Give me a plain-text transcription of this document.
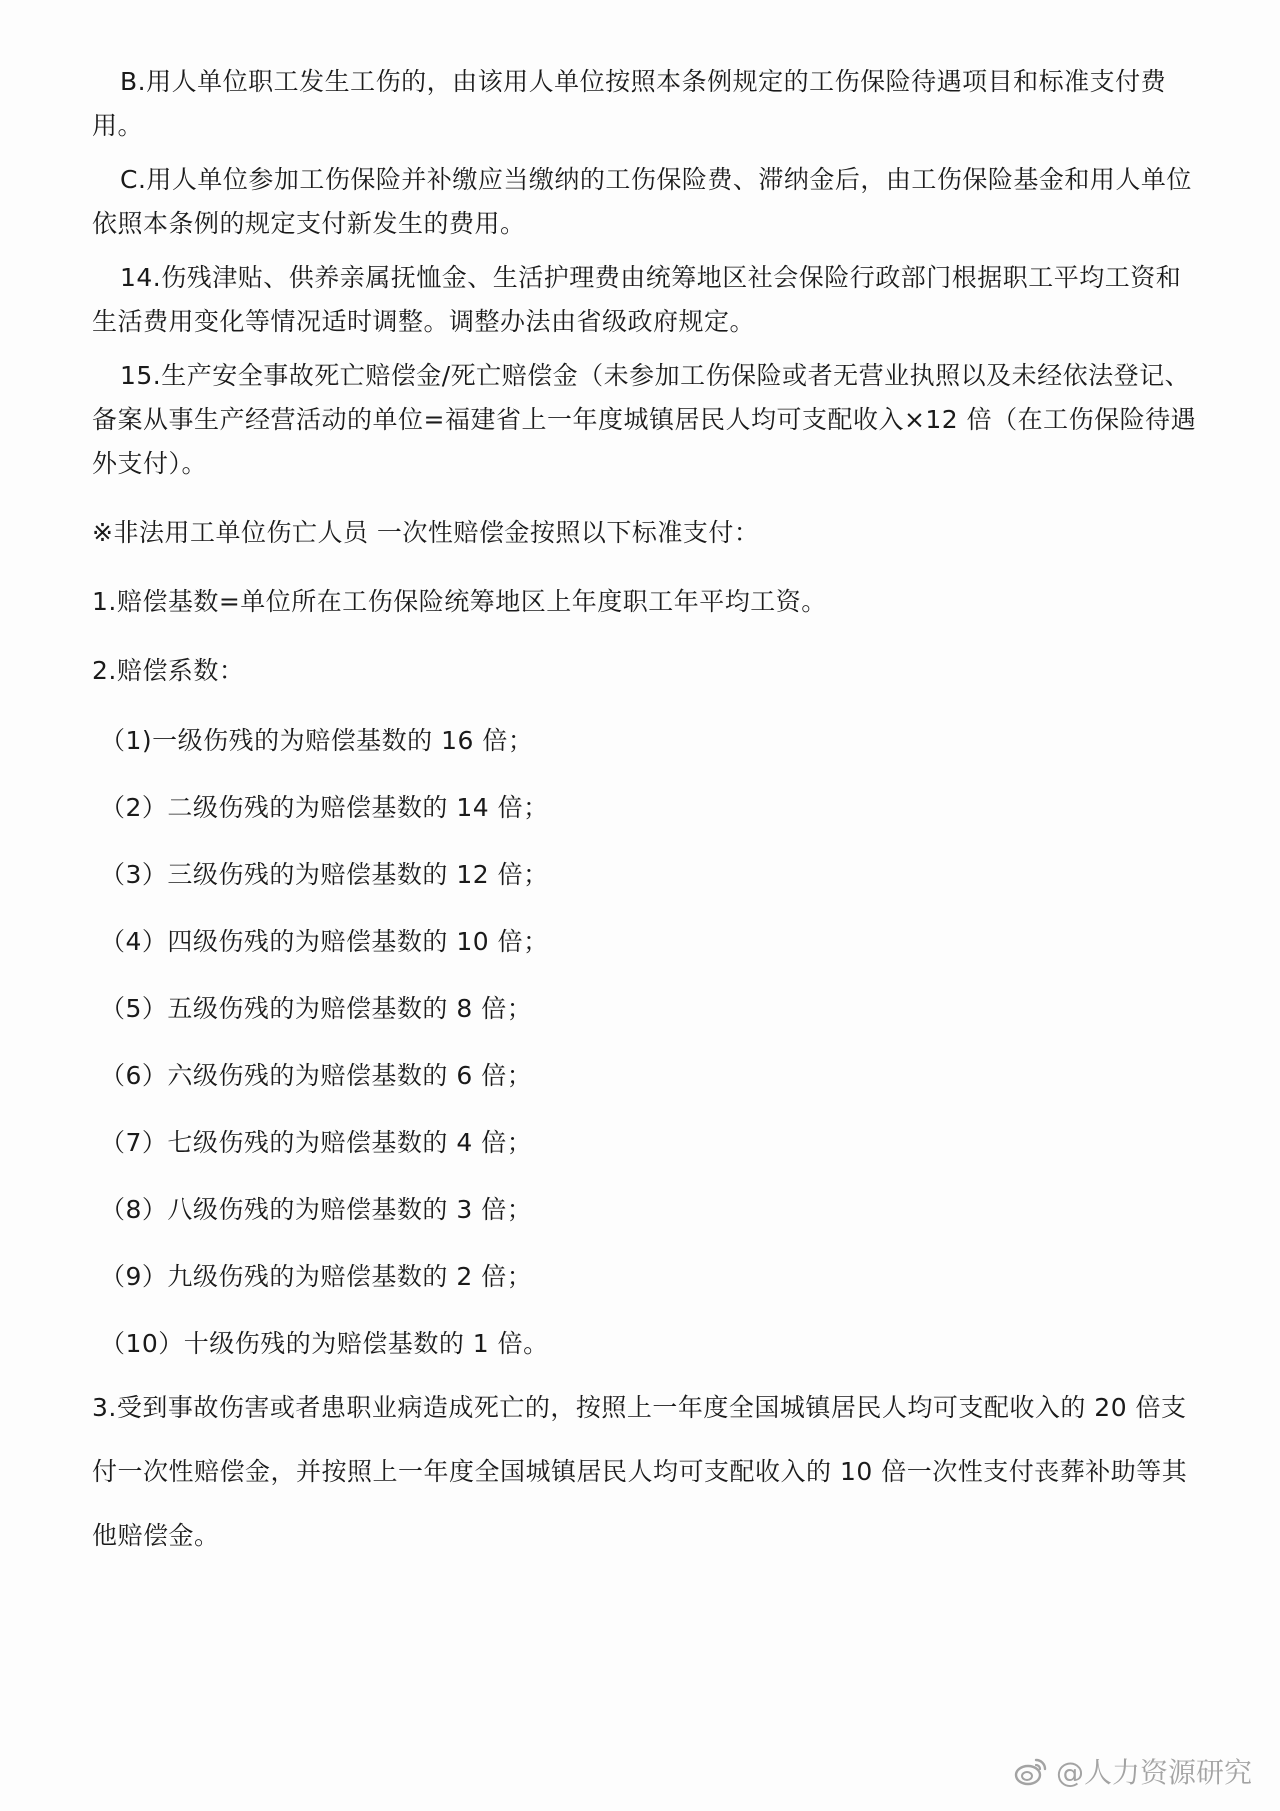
B.用人单位职工发生工伤的，由该用人单位按照本条例规定的工伤保险待遇项目和标准支付费用。

C.用人单位参加工伤保险并补缴应当缴纳的工伤保险费、滞纳金后，由工伤保险基金和用人单位依照本条例的规定支付新发生的费用。

14.伤残津贴、供养亲属抚恤金、生活护理费由统筹地区社会保险行政部门根据职工平均工资和生活费用变化等情况适时调整。调整办法由省级政府规定。

15.生产安全事故死亡赔偿金/死亡赔偿金（未参加工伤保险或者无营业执照以及未经依法登记、备案从事生产经营活动的单位=福建省上一年度城镇居民人均可支配收入×12 倍（在工伤保险待遇外支付）。

※非法用工单位伤亡人员 一次性赔偿金按照以下标准支付：

1.赔偿基数=单位所在工伤保险统筹地区上年度职工年平均工资。

2.赔偿系数：

（1)一级伤残的为赔偿基数的 16 倍；

（2）二级伤残的为赔偿基数的 14 倍；

（3）三级伤残的为赔偿基数的 12 倍；

（4）四级伤残的为赔偿基数的 10 倍；

（5）五级伤残的为赔偿基数的 8 倍；

（6）六级伤残的为赔偿基数的 6 倍；

（7）七级伤残的为赔偿基数的 4 倍；

（8）八级伤残的为赔偿基数的 3 倍；

（9）九级伤残的为赔偿基数的 2 倍；

（10）十级伤残的为赔偿基数的 1 倍。

3.受到事故伤害或者患职业病造成死亡的，按照上一年度全国城镇居民人均可支配收入的 20 倍支

付一次性赔偿金，并按照上一年度全国城镇居民人均可支配收入的 10 倍一次性支付丧葬补助等其

他赔偿金。

@人力资源研究
